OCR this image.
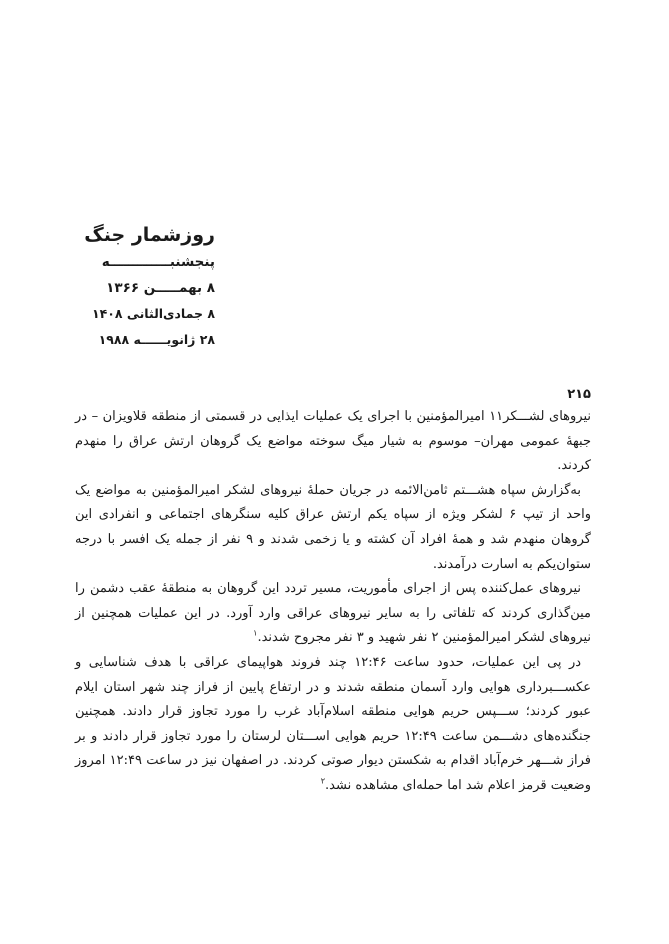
روزشمار جنگ
پنجشنبـــــــــــــه
۸ بهمـــــن ۱۳۶۶
۸ جمادی‌الثانی ۱۴۰۸
۲۸ ژانویــــــه ۱۹۸۸
۲۱۵

نیروهای لشـــکر۱۱ امیرالمؤمنین با اجرای یک عملیات ایذایی در قسمتی از منطقه قلاویزان – در جبههٔ عمومی مهران– موسوم به شیار میگ سوخته مواضع یک گروهان ارتش عراق را منهدم کردند.

به‌گزارش سپاه هشـــتم ثامن‌الائمه در جریان حملهٔ نیروهای لشکر امیرالمؤمنین به مواضع یک واحد از تیپ ۶ لشکر ویژه از سپاه یکم ارتش عراق کلیه سنگرهای اجتماعی و انفرادی این گروهان منهدم شد و همهٔ افراد آن کشته و یا زخمی شدند و ۹ نفر از جمله یک افسر با درجه ستوان‌یکم به اسارت درآمدند.

نیروهای عمل‌کننده پس از اجرای مأموریت، مسیر تردد این گروهان به منطقهٔ عقب دشمن را مین‌گذاری کردند که تلفاتی را به سایر نیروهای عراقی وارد آورد. در این عملیات همچنین از نیروهای لشکر امیرالمؤمنین ۲ نفر شهید و ۳ نفر مجروح شدند.$^۱$

در پی این عملیات، حدود ساعت ۱۲:۴۶ چند فروند هواپیمای عراقی با هدف شناسایی و عکســـبرداری هوایی وارد آسمان منطقه شدند و در ارتفاع پایین از فراز چند شهر استان ایلام عبور کردند؛ ســـپس حریم هوایی منطقه اسلام‌آباد غرب را مورد تجاوز قرار دادند. همچنین جنگنده‌های دشـــمن ساعت ۱۲:۴۹ حریم هوایی اســـتان لرستان را مورد تجاوز قرار دادند و بر فراز شـــهر خرم‌آباد اقدام به شکستن دیوار صوتی کردند. در اصفهان نیز در ساعت ۱۲:۴۹ امروز وضعیت قرمز اعلام شد اما حمله‌ای مشاهده نشد.$^۲$
